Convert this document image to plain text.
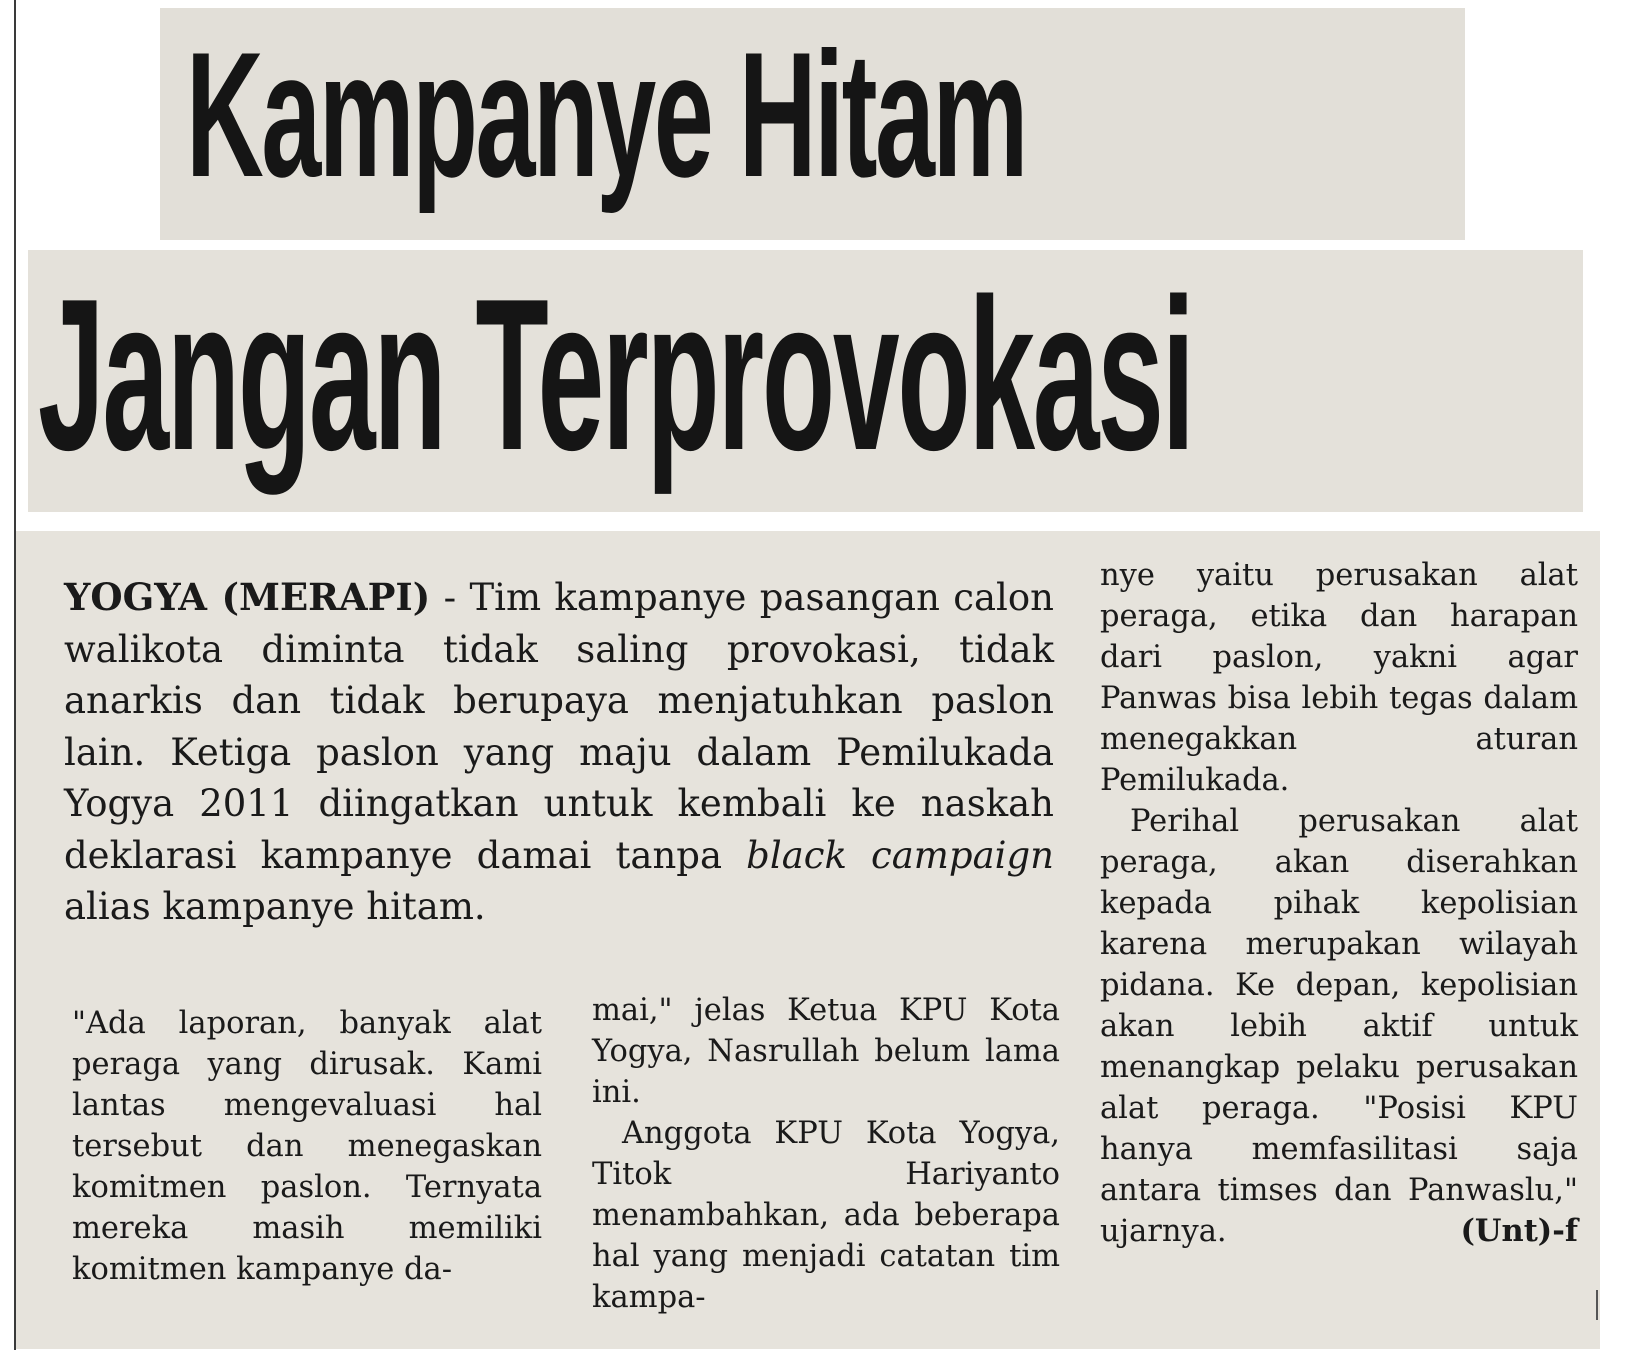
Kampanye Hitam
Jangan Terprovokasi

YOGYA (MERAPI) - Tim kampanye pasangan calon walikota diminta tidak saling provokasi, tidak anarkis dan tidak berupaya menjatuhkan paslon lain. Ketiga paslon yang maju dalam Pemilukada Yogya 2011 diingatkan untuk kembali ke naskah deklarasi kampanye damai tanpa black campaign alias kampanye hitam.

"Ada laporan, banyak alat peraga yang dirusak. Kami lantas mengevaluasi hal tersebut dan menegaskan komitmen paslon. Ternyata mereka masih memiliki komitmen kampanye da-

mai," jelas Ketua KPU Kota Yogya, Nasrullah belum lama ini.

Anggota KPU Kota Yogya, Titok Hariyanto menambahkan, ada beberapa hal yang menjadi catatan tim kampa-

nye yaitu perusakan alat peraga, etika dan harapan dari paslon, yakni agar Panwas bisa lebih tegas dalam menegakkan aturan Pemilukada.

Perihal perusakan alat peraga, akan diserahkan kepada pihak kepolisian karena merupakan wilayah pidana. Ke depan, kepolisian akan lebih aktif untuk menangkap pelaku perusakan alat peraga. "Posisi KPU hanya memfasilitasi saja antara timses dan Panwaslu," ujarnya.	(Unt)-f
